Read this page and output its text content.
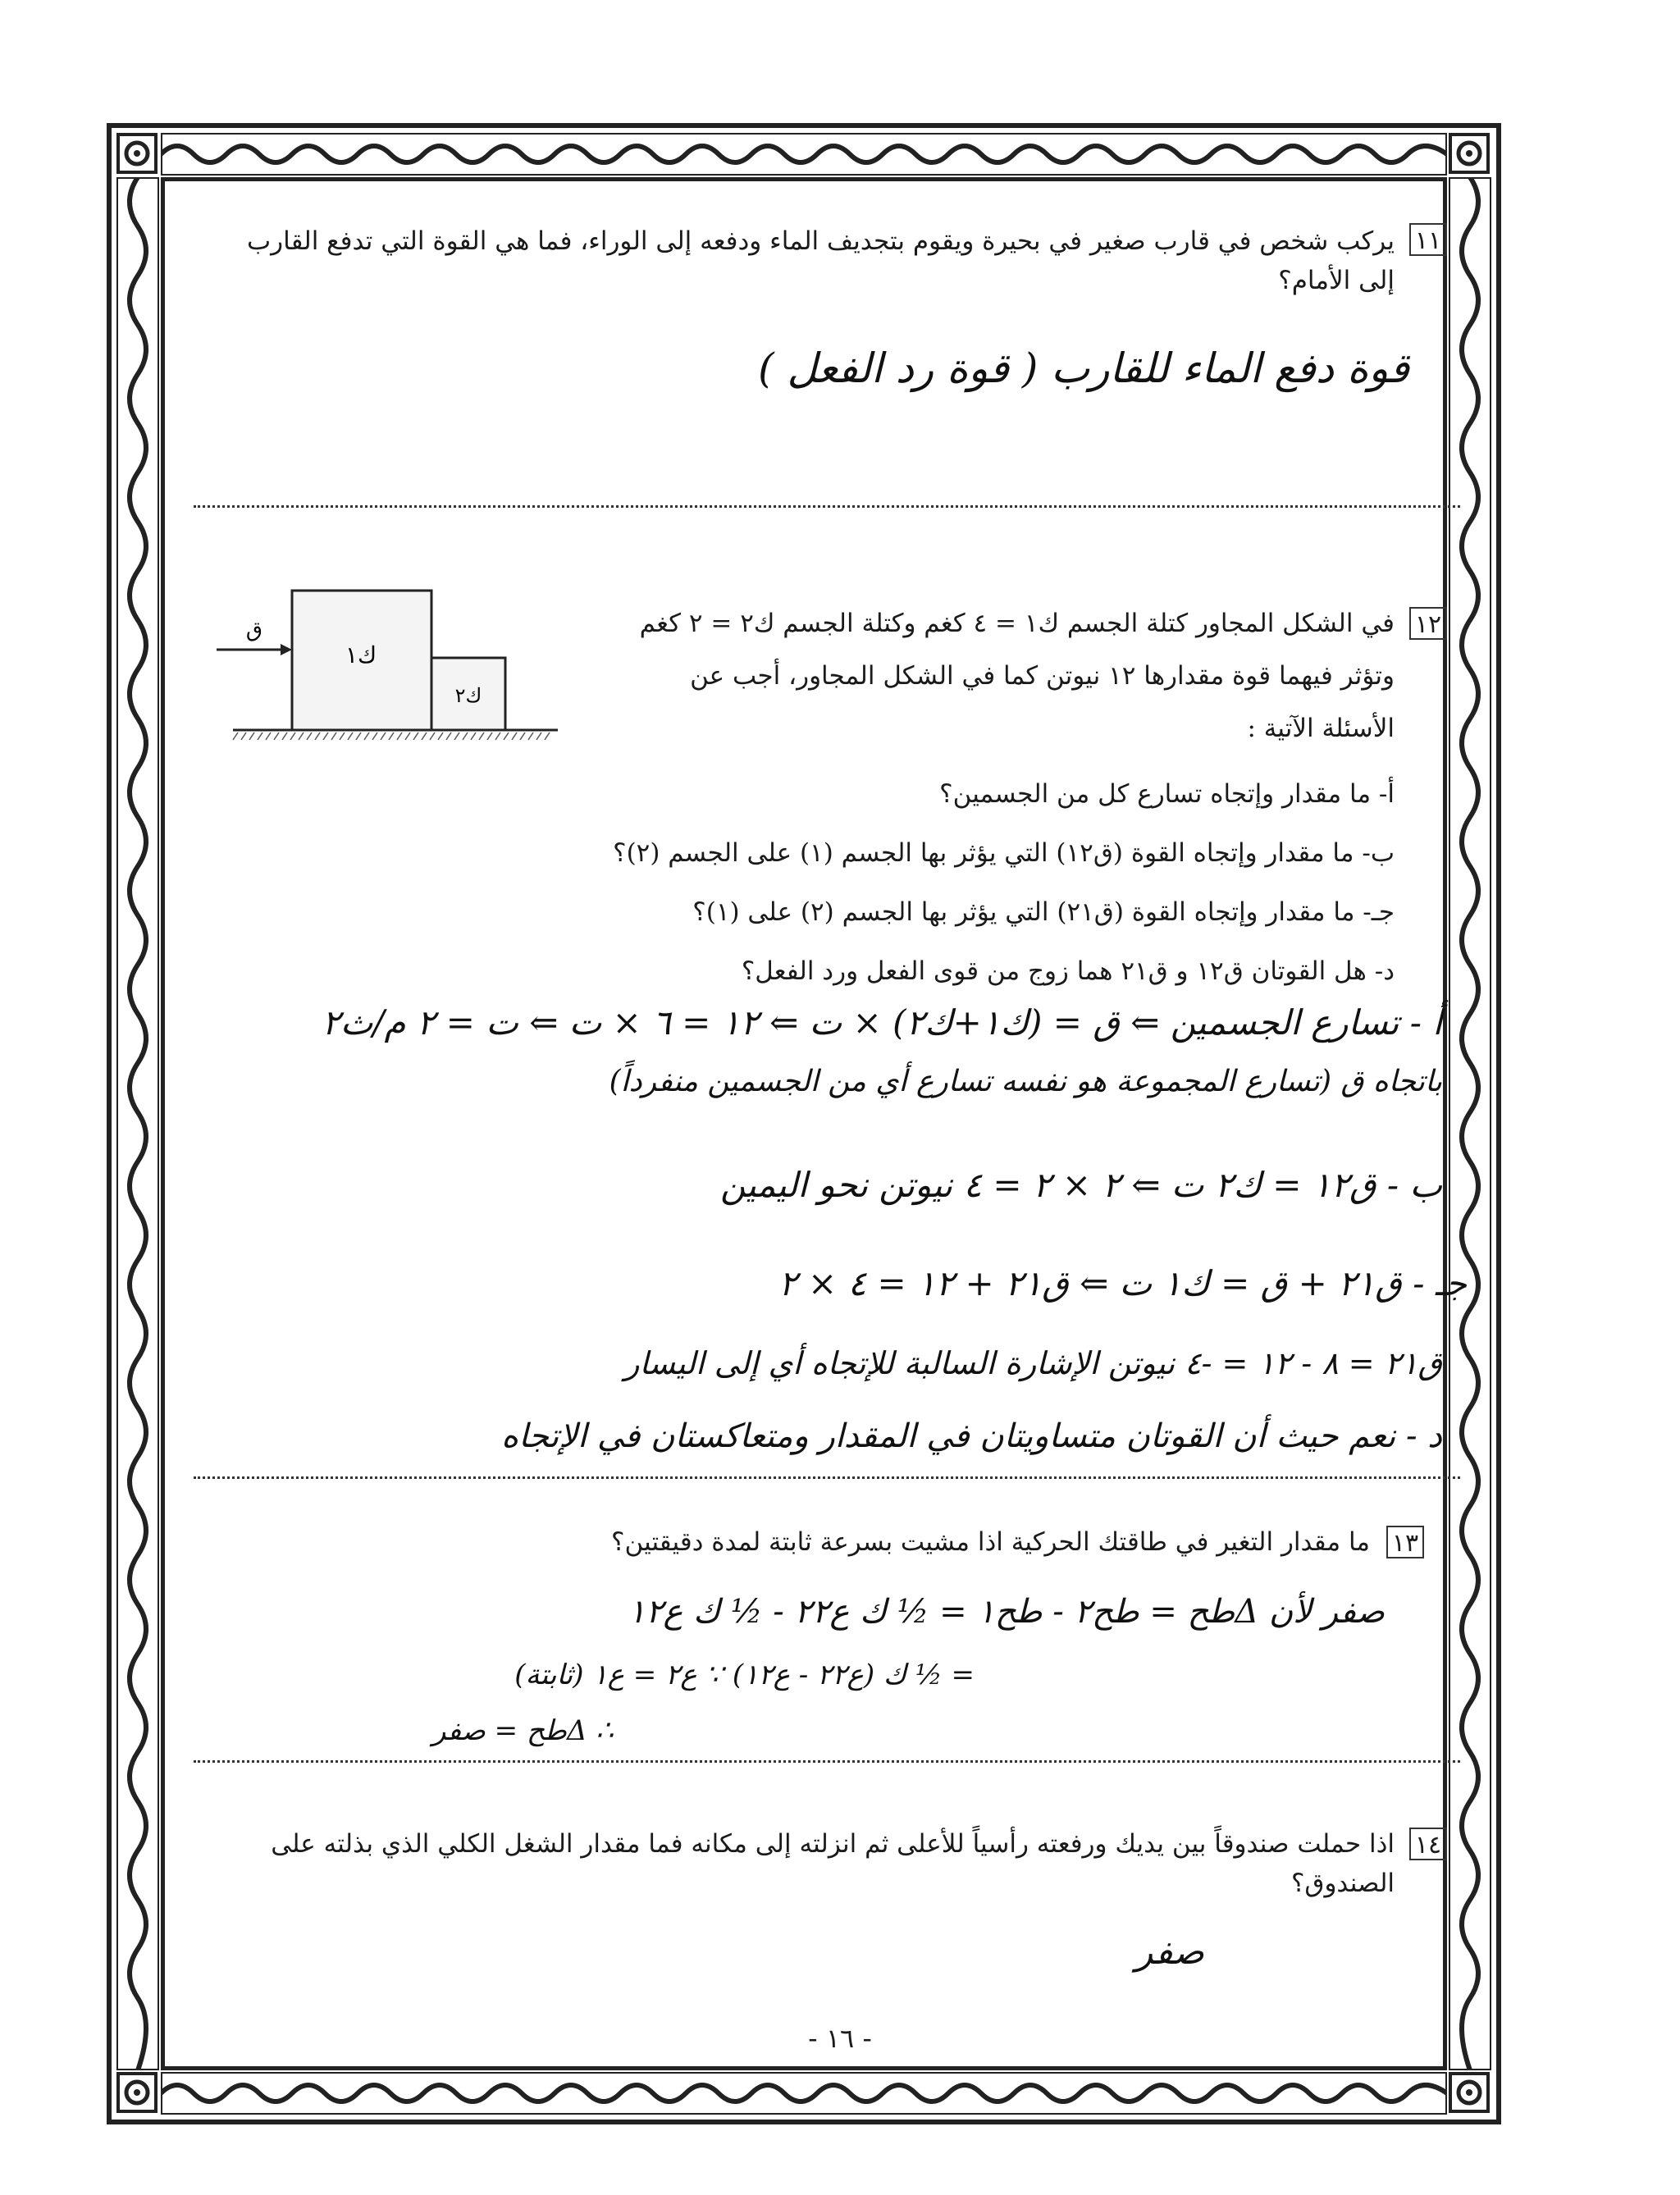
١١
يركب شخص في قارب صغير في بحيرة ويقوم بتجديف الماء ودفعه إلى الوراء، فما هي القوة التي تدفع القارب إلى الأمام؟
قوة دفع الماء للقارب ( قوة رد الفعل )
١٢
في الشكل المجاور كتلة الجسم ك١ = ٤ كغم وكتلة الجسم ك٢ = ٢ كغم
وتؤثر فيهما قوة مقدارها ١٢ نيوتن كما في الشكل المجاور، أجب عن
الأسئلة الآتية :
أ- ما مقدار وإتجاه تسارع كل من الجسمين؟
ب- ما مقدار وإتجاه القوة (ق١٢) التي يؤثر بها الجسم (١) على الجسم (٢)؟
جـ- ما مقدار وإتجاه القوة (ق٢١) التي يؤثر بها الجسم (٢) على (١)؟
د- هل القوتان ق١٢ و ق٢١ هما زوج من قوى الفعل ورد الفعل؟
ق
ك١
ك٢
أ - تسارع الجسمين ⇐ ق = (ك١+ك٢) × ت ⇐ ١٢ = ٦ × ت ⇐ ت = ٢ م/ث٢
باتجاه ق (تسارع المجموعة هو نفسه تسارع أي من الجسمين منفرداً)
ب - ق١٢ = ك٢ ت ⇐ ٢ × ٢ = ٤ نيوتن نحو اليمين
جـ - ق٢١ + ق = ك١ ت ⇐ ق٢١ + ١٢ = ٤ × ٢
ق٢١ = ٨ - ١٢ = -٤ نيوتن الإشارة السالبة للإتجاه أي إلى اليسار
د - نعم حيث أن القوتان متساويتان في المقدار ومتعاكستان في الإتجاه
١٣
ما مقدار التغير في طاقتك الحركية اذا مشيت بسرعة ثابتة لمدة دقيقتين؟
صفر لأن Δطح = طح٢ - طح١ = ½ ك ع٢٢ - ½ ك ع١٢
= ½ ك (ع٢٢ - ع١٢) ∵ ع٢ = ع١ (ثابتة)
∴ Δطح = صفر
١٤
اذا حملت صندوقاً بين يديك ورفعته رأسياً للأعلى ثم انزلته إلى مكانه فما مقدار الشغل الكلي الذي بذلته على الصندوق؟
صفر
- ١٦ -
